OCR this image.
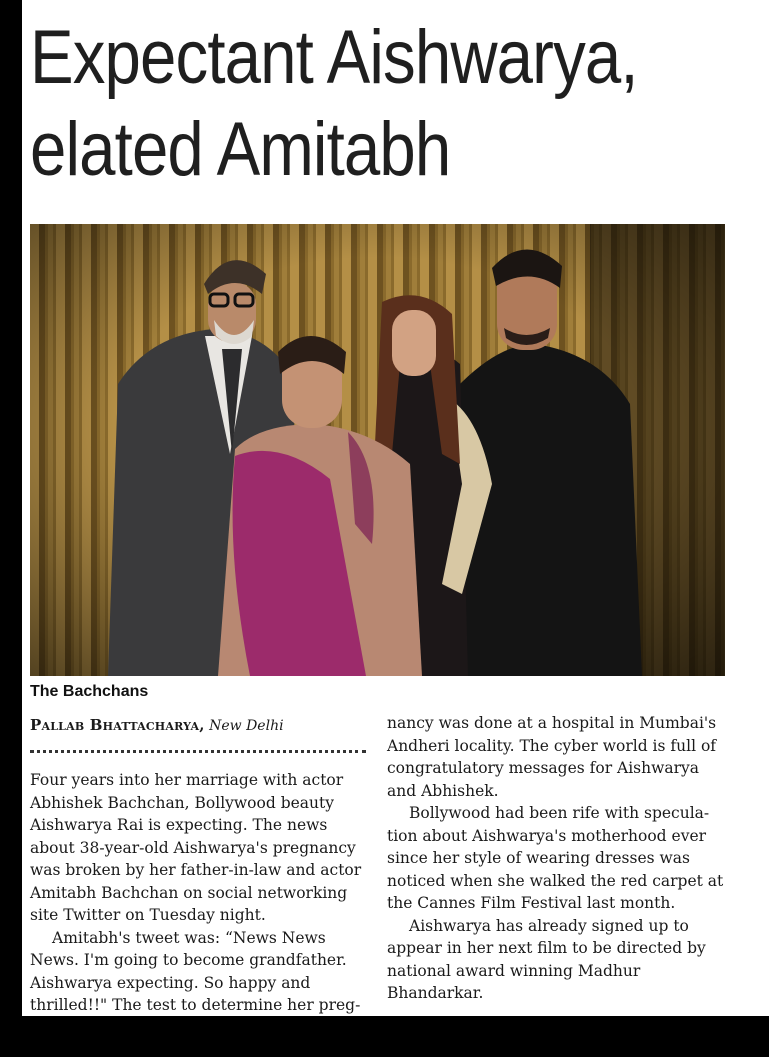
Expectant Aishwarya,
elated Amitabh
The Bachchans
Pallab Bhattacharya, New Delhi
Four years into her marriage with actor
Abhishek Bachchan, Bollywood beauty
Aishwarya Rai is expecting. The news
about 38-year-old Aishwarya's pregnancy
was broken by her father-in-law and actor
Amitabh Bachchan on social networking
site Twitter on Tuesday night.
Amitabh's tweet was: “News News
News. I'm going to become grandfather.
Aishwarya expecting. So happy and
thrilled!!" The test to determine her preg-
nancy was done at a hospital in Mumbai's
Andheri locality. The cyber world is full of
congratulatory messages for Aishwarya
and Abhishek.
Bollywood had been rife with specula-
tion about Aishwarya's motherhood ever
since her style of wearing dresses was
noticed when she walked the red carpet at
the Cannes Film Festival last month.
Aishwarya has already signed up to
appear in her next film to be directed by
national award winning Madhur
Bhandarkar.
